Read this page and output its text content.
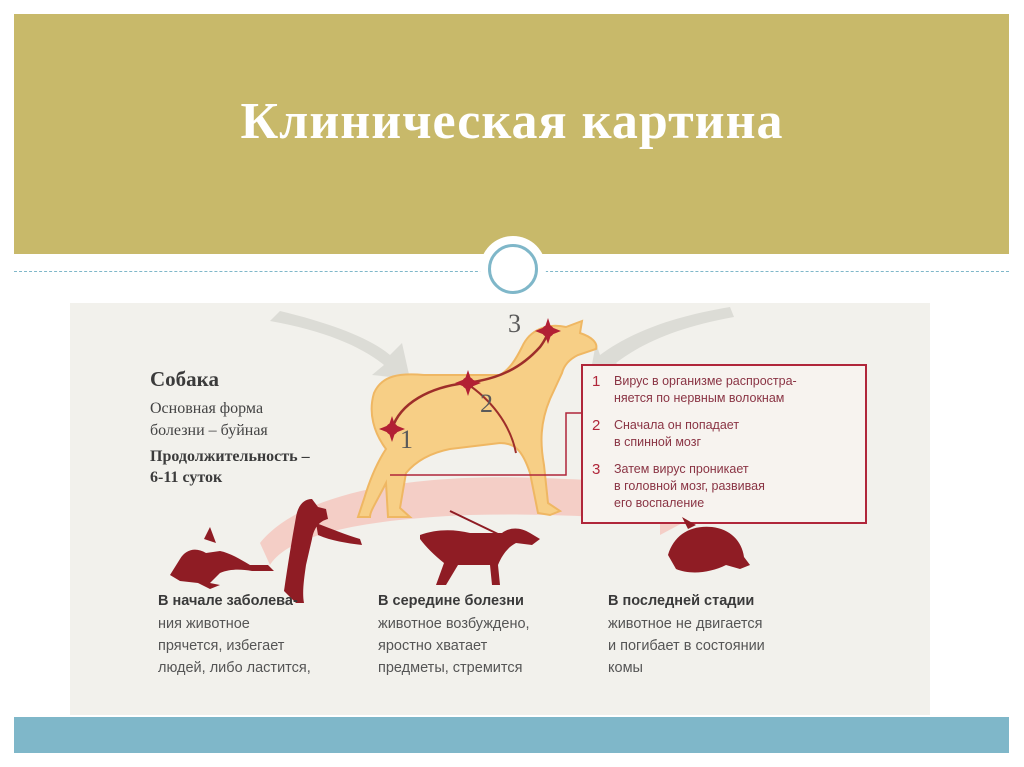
Клиническая картина
Собака

Основная форма

болезни – буйная

Продолжительность –

6-11 суток

1
2
3
1 Вирус в организме распростра-
няется по нервным волокнам
2 Сначала он попадает
в спинной мозг
3 Затем вирус проникает
в головной мозг, развивая
его воспаление
В начале заболева-
ния животное
прячется, избегает
людей, либо ластится,
В середине болезни
животное возбуждено,
яростно хватает
предметы, стремится
В последней стадии
животное не двигается
и погибает в состоянии
комы
